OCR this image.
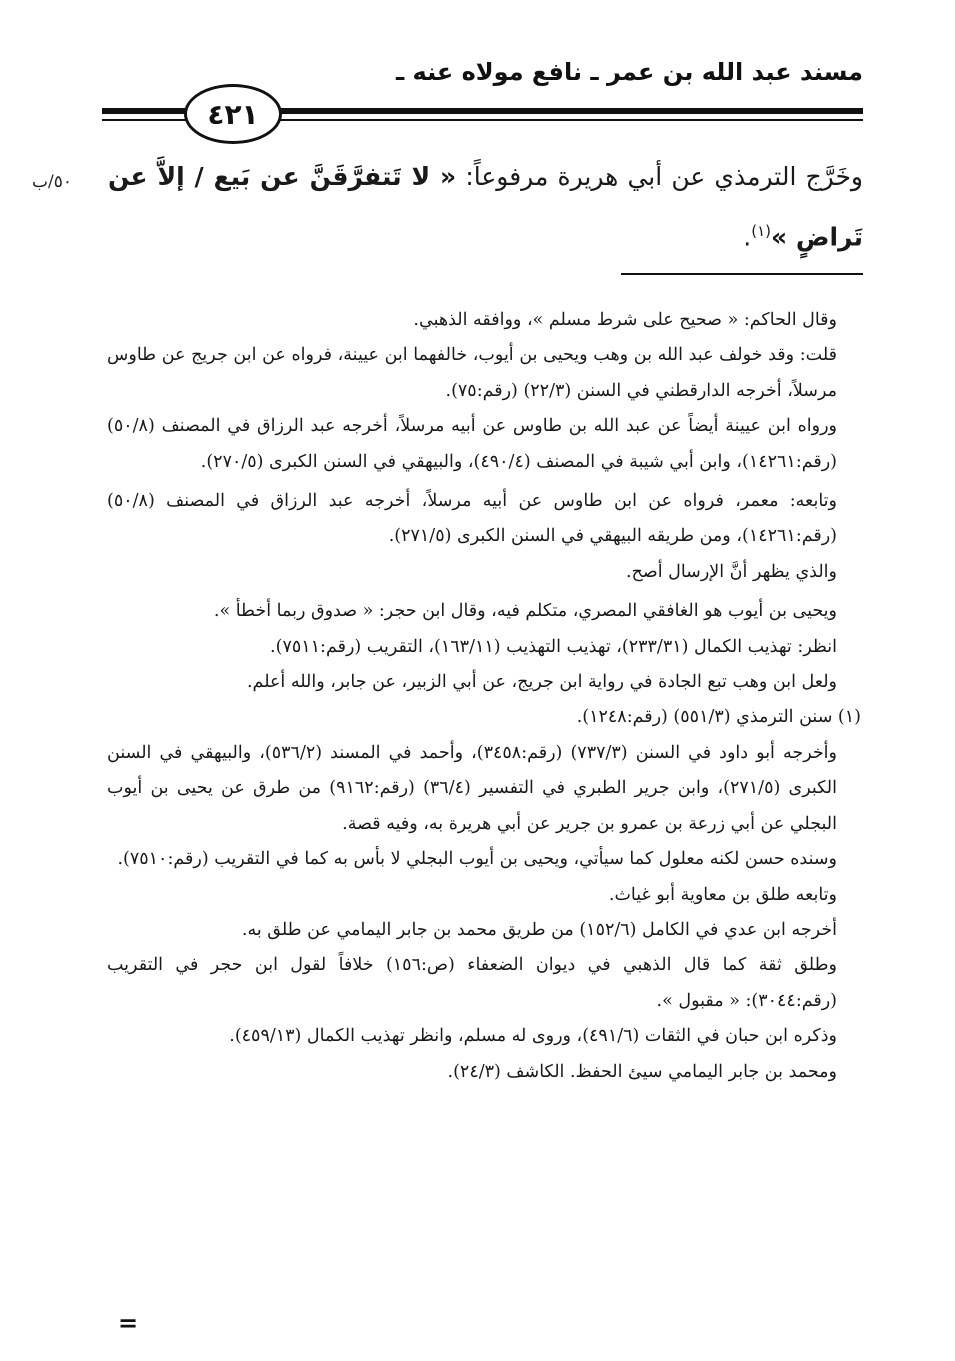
مسند عبد الله بن عمر ـ نافع مولاه عنه ـ
٤٢١
٥٠/ب	وخَرَّج الترمذي عن أبي هريرة مرفوعاً: « لا تَتفرَّقَنَّ عن بَيع / إلاَّ عن تَراضٍ »$^{(١)}$.

وقال الحاكم: « صحيح على شرط مسلم »، ووافقه الذهبي.

قلت: وقد خولف عبد الله بن وهب ويحيى بن أيوب، خالفهما ابن عيينة، فرواه عن ابن جريج عن طاوس مرسلاً، أخرجه الدارقطني في السنن (٢٢/٣) (رقم:٧٥).

ورواه ابن عيينة أيضاً عن عبد الله بن طاوس عن أبيه مرسلاً، أخرجه عبد الرزاق في المصنف (٥٠/٨) (رقم:١٤٢٦١)، وابن أبي شيبة في المصنف (٤٩٠/٤)، والبيهقي في السنن الكبرى (٢٧٠/٥).

وتابعه: معمر، فرواه عن ابن طاوس عن أبيه مرسلاً، أخرجه عبد الرزاق في المصنف (٥٠/٨) (رقم:١٤٢٦١)، ومن طريقه البيهقي في السنن الكبرى (٢٧١/٥).

والذي يظهر أنَّ الإرسال أصح.

ويحيى بن أيوب هو الغافقي المصري، متكلم فيه، وقال ابن حجر: « صدوق ربما أخطأ ».

انظر: تهذيب الكمال (٢٣٣/٣١)، تهذيب التهذيب (١٦٣/١١)، التقريب (رقم:٧٥١١).

ولعل ابن وهب تبع الجادة في رواية ابن جريج، عن أبي الزبير، عن جابر، والله أعلم.

(١) سنن الترمذي (٥٥١/٣) (رقم:١٢٤٨).

وأخرجه أبو داود في السنن (٧٣٧/٣) (رقم:٣٤٥٨)، وأحمد في المسند (٥٣٦/٢)، والبيهقي في السنن الكبرى (٢٧١/٥)، وابن جرير الطبري في التفسير (٣٦/٤) (رقم:٩١٦٢) من طرق عن يحيى بن أيوب البجلي عن أبي زرعة بن عمرو بن جرير عن أبي هريرة به، وفيه قصة.

وسنده حسن لكنه معلول كما سيأتي، ويحيى بن أيوب البجلي لا بأس به كما في التقريب (رقم:٧٥١٠).

وتابعه طلق بن معاوية أبو غياث.

أخرجه ابن عدي في الكامل (١٥٢/٦) من طريق محمد بن جابر اليمامي عن طلق به.

وطلق ثقة كما قال الذهبي في ديوان الضعفاء (ص:١٥٦) خلافاً لقول ابن حجر في التقريب (رقم:٣٠٤٤): « مقبول ».

وذكره ابن حبان في الثقات (٤٩١/٦)، وروى له مسلم، وانظر تهذيب الكمال (٤٥٩/١٣).

ومحمد بن جابر اليمامي سيئ الحفظ. الكاشف (٢٤/٣).

=
